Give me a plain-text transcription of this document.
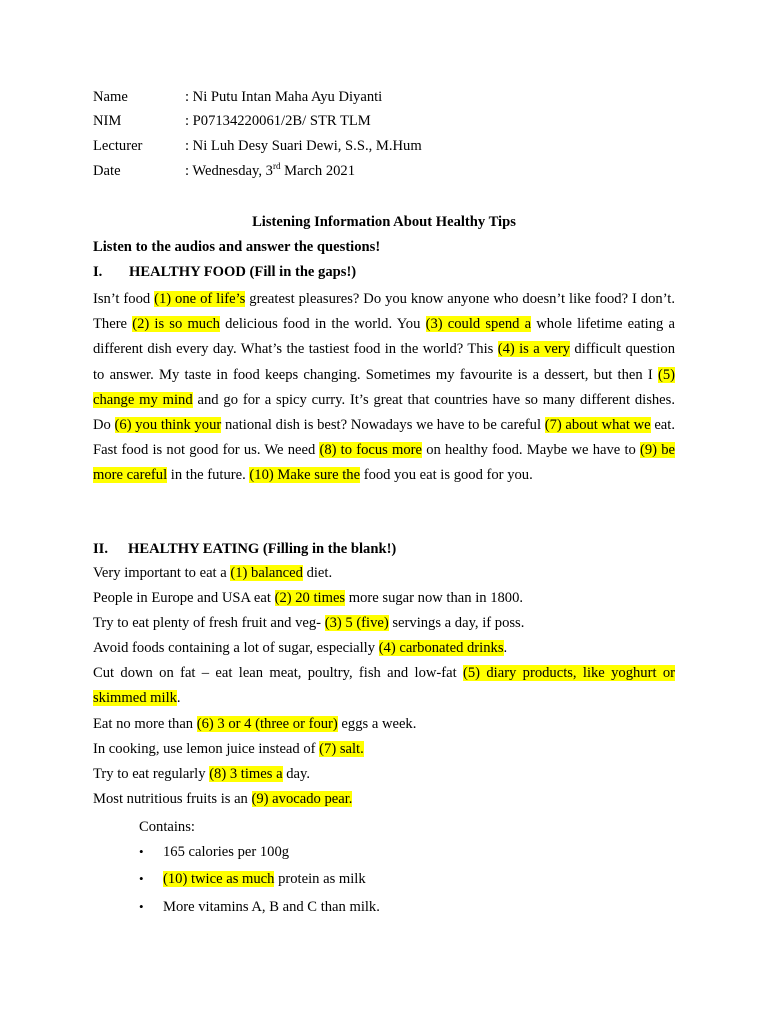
Name	: Ni Putu Intan Maha Ayu Diyanti
NIM	: P07134220061/2B/ STR TLM
Lecturer	: Ni Luh Desy Suari Dewi, S.S., M.Hum
Date	: Wednesday, 3rd March 2021
Listening Information About Healthy Tips
Listen to the audios and answer the questions!
I. HEALTHY FOOD (Fill in the gaps!)
Isn’t food (1) one of life’s greatest pleasures? Do you know anyone who doesn’t like food? I don’t. There (2) is so much delicious food in the world. You (3) could spend a whole lifetime eating a different dish every day. What’s the tastiest food in the world? This (4) is a very difficult question to answer. My taste in food keeps changing. Sometimes my favourite is a dessert, but then I (5) change my mind and go for a spicy curry. It’s great that countries have so many different dishes. Do (6) you think your national dish is best? Nowadays we have to be careful (7) about what we eat. Fast food is not good for us. We need (8) to focus more on healthy food. Maybe we have to (9) be more careful in the future. (10) Make sure the food you eat is good for you.
II. HEALTHY EATING (Filling in the blank!)
Very important to eat a (1) balanced diet.
People in Europe and USA eat (2) 20 times more sugar now than in 1800.
Try to eat plenty of fresh fruit and veg- (3) 5 (five) servings a day, if poss.
Avoid foods containing a lot of sugar, especially (4) carbonated drinks.
Cut down on fat – eat lean meat, poultry, fish and low-fat (5) diary products, like yoghurt or skimmed milk.
Eat no more than (6) 3 or 4 (three or four) eggs a week.
In cooking, use lemon juice instead of (7) salt.
Try to eat regularly (8) 3 times a day.
Most nutritious fruits is an (9) avocado pear.
Contains:
• 165 calories per 100g
• (10) twice as much protein as milk
• More vitamins A, B and C than milk.
